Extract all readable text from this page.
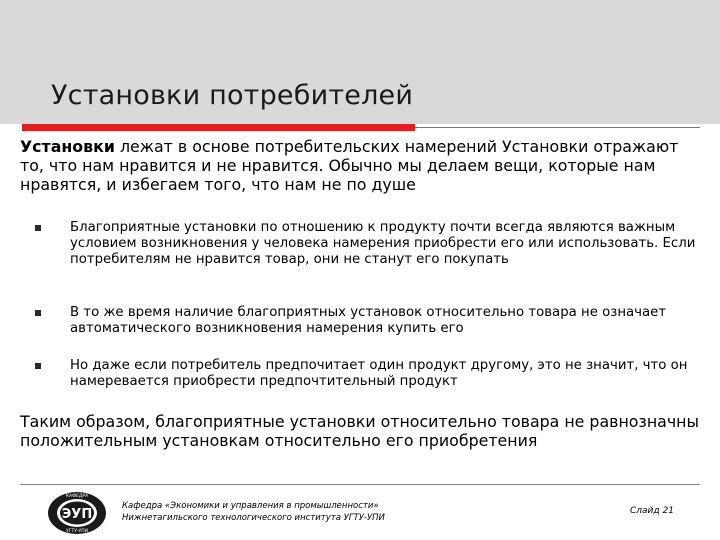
Установки потребителей
Установки лежат в основе потребительских намерений Установки отражают то, что нам нравится и не нравится. Обычно мы делаем вещи, которые нам нравятся, и избегаем того, что нам не по душе
Благоприятные установки по отношению к продукту почти всегда являются важным условием возникновения у человека намерения приобрести его или использовать. Если потребителям не нравится товар, они не станут его покупать
В то же время наличие благоприятных установок относительно товара не означает автоматического возникновения намерения купить его
Но даже если потребитель предпочитает один продукт другому, это не значит, что он намеревается приобрести предпочтительный продукт
Таким образом, благоприятные установки относительно товара не равнозначны положительным установкам относительно его приобретения
ЭУП
КАФЕДРА
УГТУ-УПИ
Кафедра «Экономики и управления в промышленности»
Нижнетагильского технологического института УГТУ-УПИ
Слайд 21
